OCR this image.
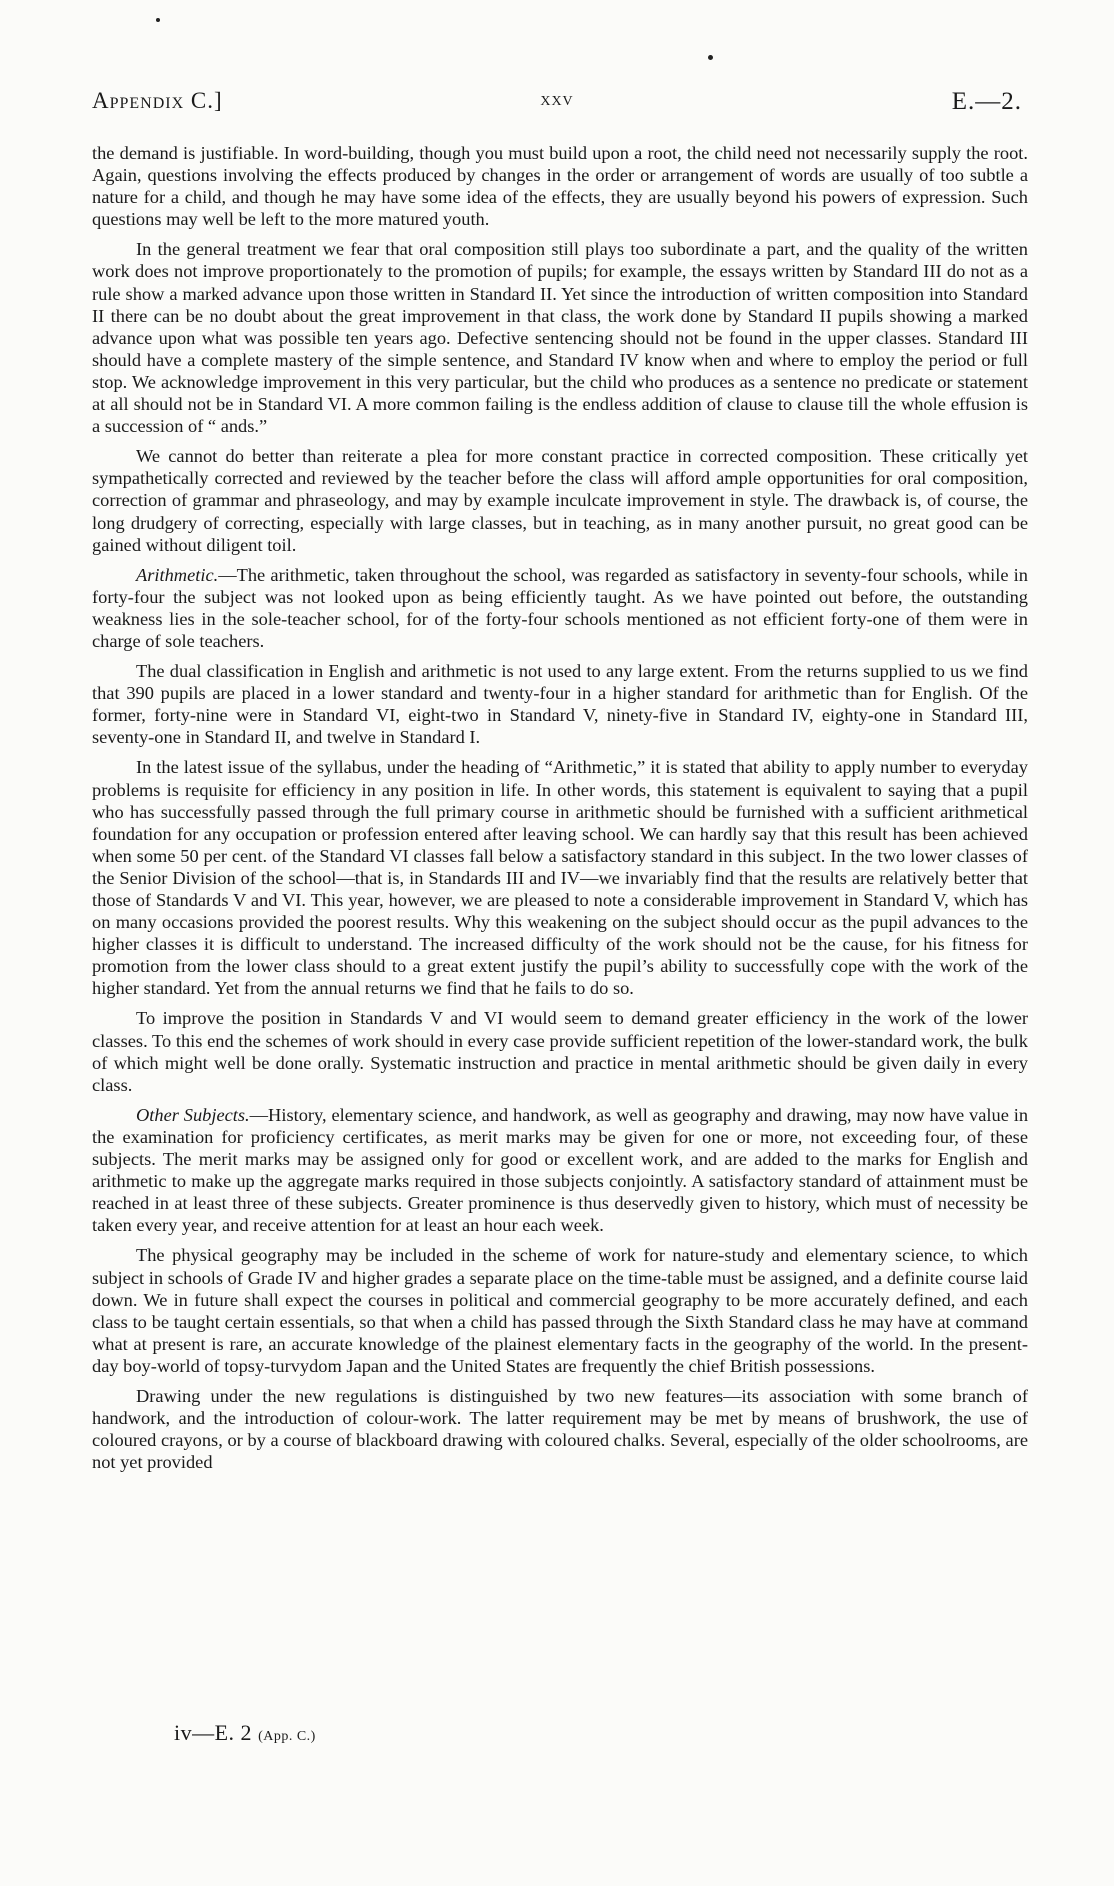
Appendix C.]	xxv	E.—2.

the demand is justifiable. In word-building, though you must build upon a root, the child need not necessarily supply the root. Again, questions involving the effects produced by changes in the order or arrangement of words are usually of too subtle a nature for a child, and though he may have some idea of the effects, they are usually beyond his powers of expression. Such questions may well be left to the more matured youth.

In the general treatment we fear that oral composition still plays too subordinate a part, and the quality of the written work does not improve proportionately to the promotion of pupils; for example, the essays written by Standard III do not as a rule show a marked advance upon those written in Standard II. Yet since the introduction of written composition into Standard II there can be no doubt about the great improvement in that class, the work done by Standard II pupils showing a marked advance upon what was possible ten years ago. Defective sentencing should not be found in the upper classes. Standard III should have a complete mastery of the simple sentence, and Standard IV know when and where to employ the period or full stop. We acknowledge improvement in this very particular, but the child who produces as a sentence no predicate or statement at all should not be in Standard VI. A more common failing is the endless addition of clause to clause till the whole effusion is a succession of “ ands.”

We cannot do better than reiterate a plea for more constant practice in corrected composition. These critically yet sympathetically corrected and reviewed by the teacher before the class will afford ample opportunities for oral composition, correction of grammar and phraseology, and may by example inculcate improvement in style. The drawback is, of course, the long drudgery of correcting, especially with large classes, but in teaching, as in many another pursuit, no great good can be gained without diligent toil.

Arithmetic.—The arithmetic, taken throughout the school, was regarded as satisfactory in seventy-four schools, while in forty-four the subject was not looked upon as being efficiently taught. As we have pointed out before, the outstanding weakness lies in the sole-teacher school, for of the forty-four schools mentioned as not efficient forty-one of them were in charge of sole teachers.

The dual classification in English and arithmetic is not used to any large extent. From the returns supplied to us we find that 390 pupils are placed in a lower standard and twenty-four in a higher standard for arithmetic than for English. Of the former, forty-nine were in Standard VI, eight-two in Standard V, ninety-five in Standard IV, eighty-one in Standard III, seventy-one in Standard II, and twelve in Standard I.

In the latest issue of the syllabus, under the heading of “Arithmetic,” it is stated that ability to apply number to everyday problems is requisite for efficiency in any position in life. In other words, this statement is equivalent to saying that a pupil who has successfully passed through the full primary course in arithmetic should be furnished with a sufficient arithmetical foundation for any occupation or profession entered after leaving school. We can hardly say that this result has been achieved when some 50 per cent. of the Standard VI classes fall below a satisfactory standard in this subject. In the two lower classes of the Senior Division of the school—that is, in Standards III and IV—we invariably find that the results are relatively better that those of Standards V and VI. This year, however, we are pleased to note a considerable improvement in Standard V, which has on many occasions provided the poorest results. Why this weakening on the subject should occur as the pupil advances to the higher classes it is difficult to understand. The increased difficulty of the work should not be the cause, for his fitness for promotion from the lower class should to a great extent justify the pupil’s ability to successfully cope with the work of the higher standard. Yet from the annual returns we find that he fails to do so.

To improve the position in Standards V and VI would seem to demand greater efficiency in the work of the lower classes. To this end the schemes of work should in every case provide sufficient repetition of the lower-standard work, the bulk of which might well be done orally. Systematic instruction and practice in mental arithmetic should be given daily in every class.

Other Subjects.—History, elementary science, and handwork, as well as geography and drawing, may now have value in the examination for proficiency certificates, as merit marks may be given for one or more, not exceeding four, of these subjects. The merit marks may be assigned only for good or excellent work, and are added to the marks for English and arithmetic to make up the aggregate marks required in those subjects conjointly. A satisfactory standard of attainment must be reached in at least three of these subjects. Greater prominence is thus deservedly given to history, which must of necessity be taken every year, and receive attention for at least an hour each week.

The physical geography may be included in the scheme of work for nature-study and elementary science, to which subject in schools of Grade IV and higher grades a separate place on the time-table must be assigned, and a definite course laid down. We in future shall expect the courses in political and commercial geography to be more accurately defined, and each class to be taught certain essentials, so that when a child has passed through the Sixth Standard class he may have at command what at present is rare, an accurate knowledge of the plainest elementary facts in the geography of the world. In the present-day boy-world of topsy-turvydom Japan and the United States are frequently the chief British possessions.

Drawing under the new regulations is distinguished by two new features—its association with some branch of handwork, and the introduction of colour-work. The latter requirement may be met by means of brushwork, the use of coloured crayons, or by a course of blackboard drawing with coloured chalks. Several, especially of the older schoolrooms, are not yet provided

iv—E. 2 (App. C.)
